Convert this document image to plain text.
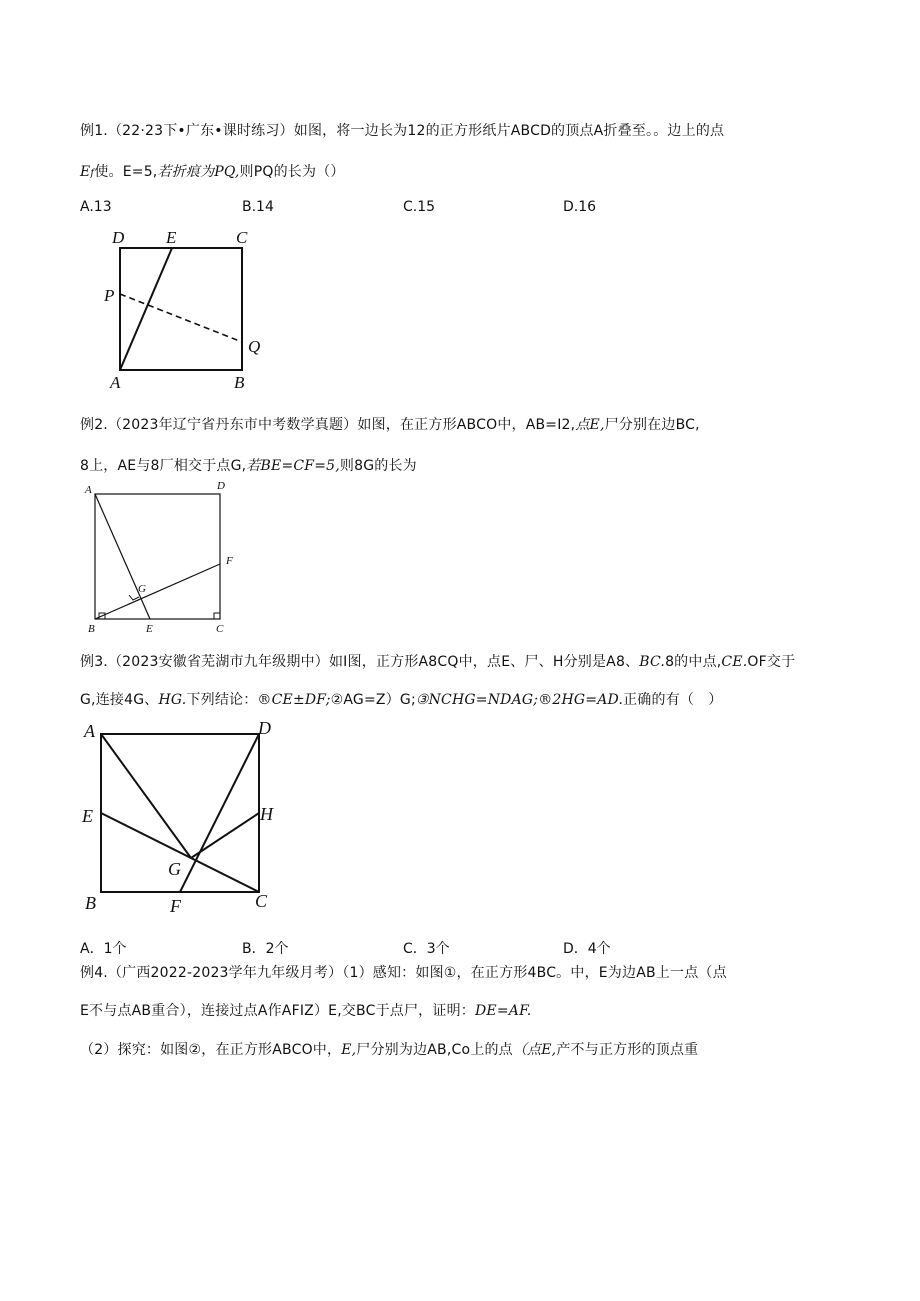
例1.（22·23下•广东•课时练习）如图，将一边长为12的正方形纸片ABCD的顶点A折叠至。。边上的点
Ef使。E=5,若折痕为PQ,则PQ的长为（）
A.13	B.14	C.15	D.16
D E	C
P
Q
A	B
例2.（2023年辽宁省丹东市中考数学真题）如图，在正方形ABCO中，AB=I2,点E,尸分别在边BC,
8上，AE与8厂相交于点G,若BE=CF=5,则8G的长为
A	D
F
G
B	E	C
例3.（2023安徽省芜湖市九年级期中）如I图，正方形A8CQ中，点E、尸、H分别是A8、BC.8的中点,CE.OF交于
G,连接4G、HG.下列结论：®CE±DF;②AG=Z）G;③NCHG=NDAG;®2HG=AD.正确的有（　）
A	D
E	H
G
B	F	C
A．1个	B．2个	C．3个	D．4个
例4.（广西2022-2023学年九年级月考）（1）感知：如图①，在正方形4BC。中，E为边AB上一点（点
E不与点AB重合），连接过点A作AFIZ）E,交BC于点尸，证明：DE=AF.
（2）探究：如图②，在正方形ABCO中，E,尸分别为边AB,Co上的点（点E,产不与正方形的顶点重
